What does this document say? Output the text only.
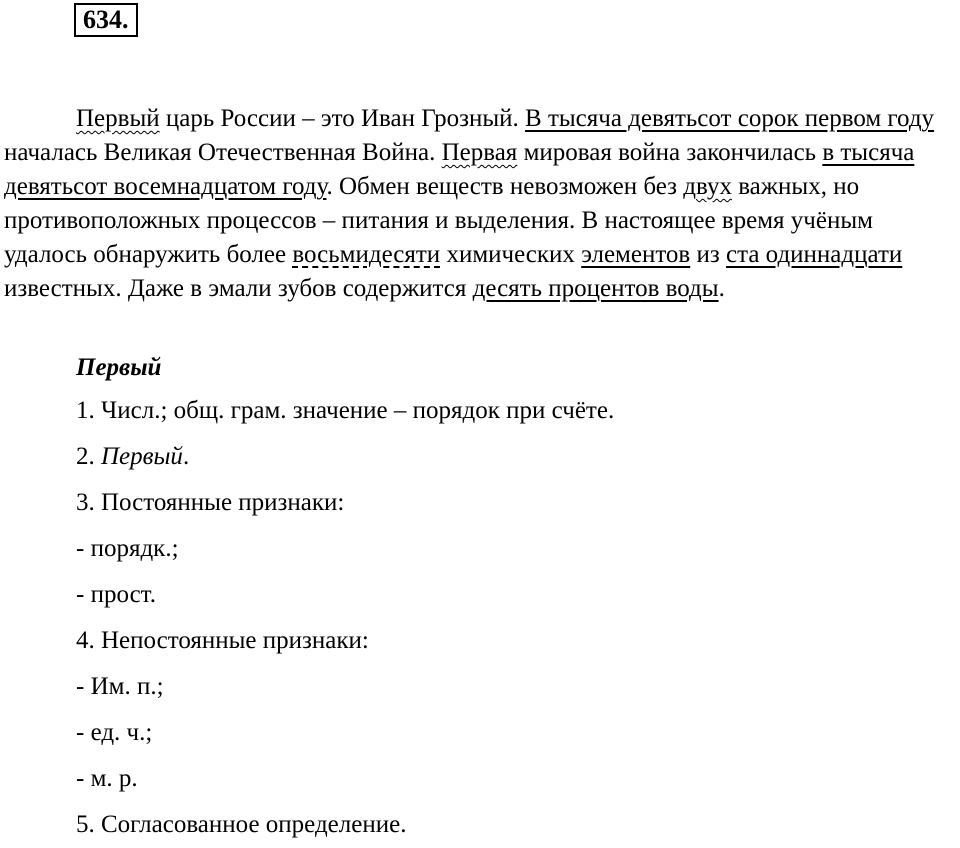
634.
Первый царь России – это Иван Грозный. В тысяча девятьсот сорок первом году началась Великая Отечественная Война. Первая мировая война закончилась в тысяча девятьсот восемнадцатом году. Обмен веществ невозможен без двух важных, но противоположных процессов – питания и выделения. В настоящее время учёным удалось обнаружить более восьмидесяти химических элементов из ста одиннадцати известных. Даже в эмали зубов содержится десять процентов воды.
Первый
1. Числ.; общ. грам. значение – порядок при счёте.
2. Первый.
3. Постоянные признаки:
- порядк.;
- прост.
4. Непостоянные признаки:
- Им. п.;
- ед. ч.;
- м. р.
5. Согласованное определение.
